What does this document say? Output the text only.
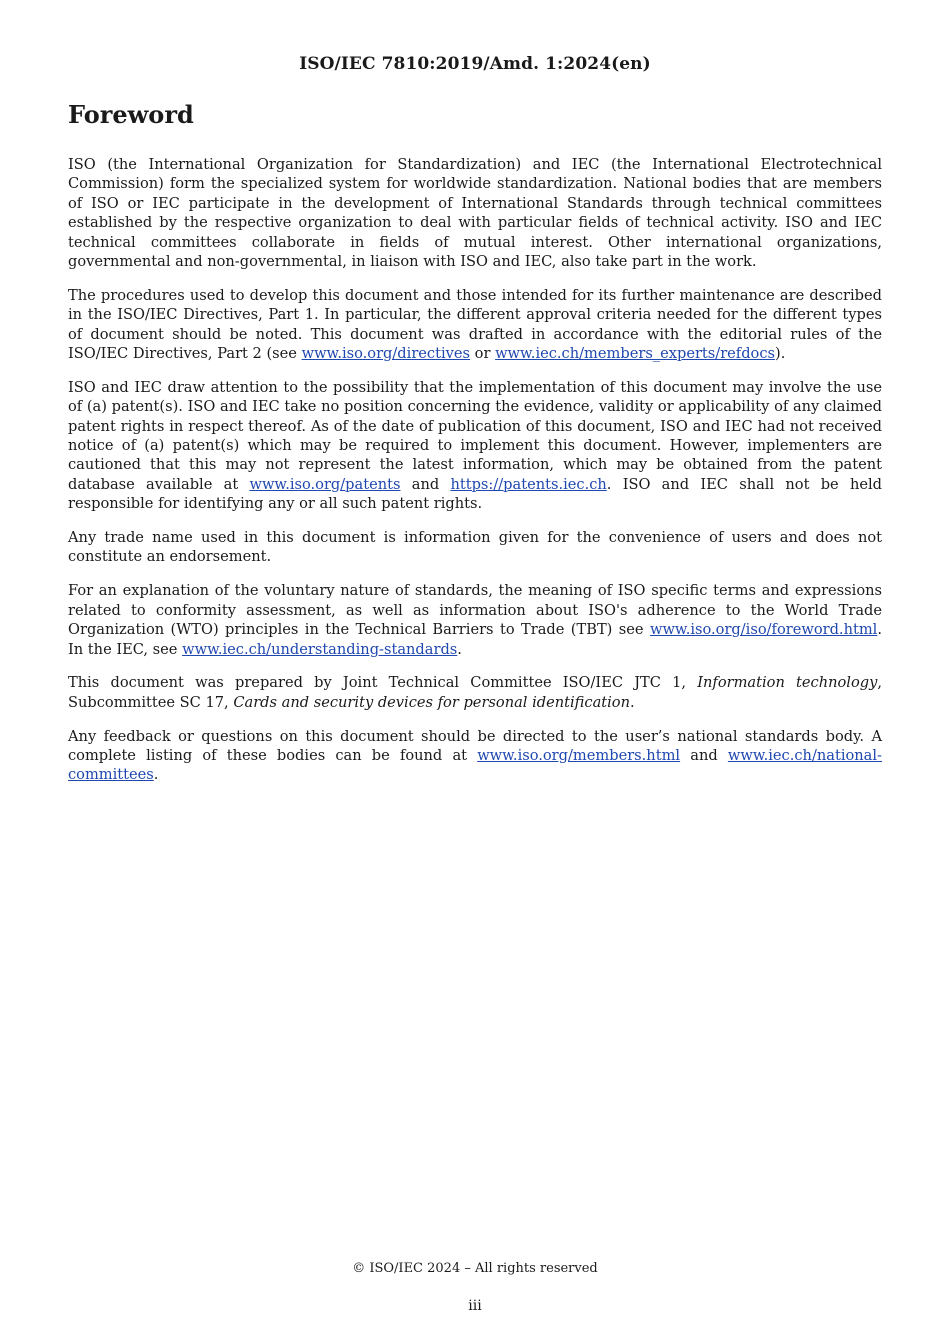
ISO/IEC 7810:2019/Amd. 1:2024(en)
Foreword

ISO (the International Organization for Standardization) and IEC (the International Electrotechnical Commission) form the specialized system for worldwide standardization. National bodies that are members of ISO or IEC participate in the development of International Standards through technical committees established by the respective organization to deal with particular fields of technical activity. ISO and IEC technical committees collaborate in fields of mutual interest. Other international organizations, governmental and non-governmental, in liaison with ISO and IEC, also take part in the work.

The procedures used to develop this document and those intended for its further maintenance are described in the ISO/IEC Directives, Part 1. In particular, the different approval criteria needed for the different types of document should be noted. This document was drafted in accordance with the editorial rules of the ISO/IEC Directives, Part 2 (see www.iso.org/directives or www.iec.ch/members_experts/refdocs).

ISO and IEC draw attention to the possibility that the implementation of this document may involve the use of (a) patent(s). ISO and IEC take no position concerning the evidence, validity or applicability of any claimed patent rights in respect thereof. As of the date of publication of this document, ISO and IEC had not received notice of (a) patent(s) which may be required to implement this document. However, implementers are cautioned that this may not represent the latest information, which may be obtained from the patent database available at www.iso.org/patents and https://patents.iec.ch. ISO and IEC shall not be held responsible for identifying any or all such patent rights.

Any trade name used in this document is information given for the convenience of users and does not constitute an endorsement.

For an explanation of the voluntary nature of standards, the meaning of ISO specific terms and expressions related to conformity assessment, as well as information about ISO's adherence to the World Trade Organization (WTO) principles in the Technical Barriers to Trade (TBT) see www.iso.org/iso/foreword.html. In the IEC, see www.iec.ch/understanding-standards.

This document was prepared by Joint Technical Committee ISO/IEC JTC 1, Information technology, Subcommittee SC 17, Cards and security devices for personal identification.

Any feedback or questions on this document should be directed to the user’s national standards body. A complete listing of these bodies can be found at www.iso.org/members.html and www.iec.ch/national-committees.

© ISO/IEC 2024 – All rights reserved
iii
